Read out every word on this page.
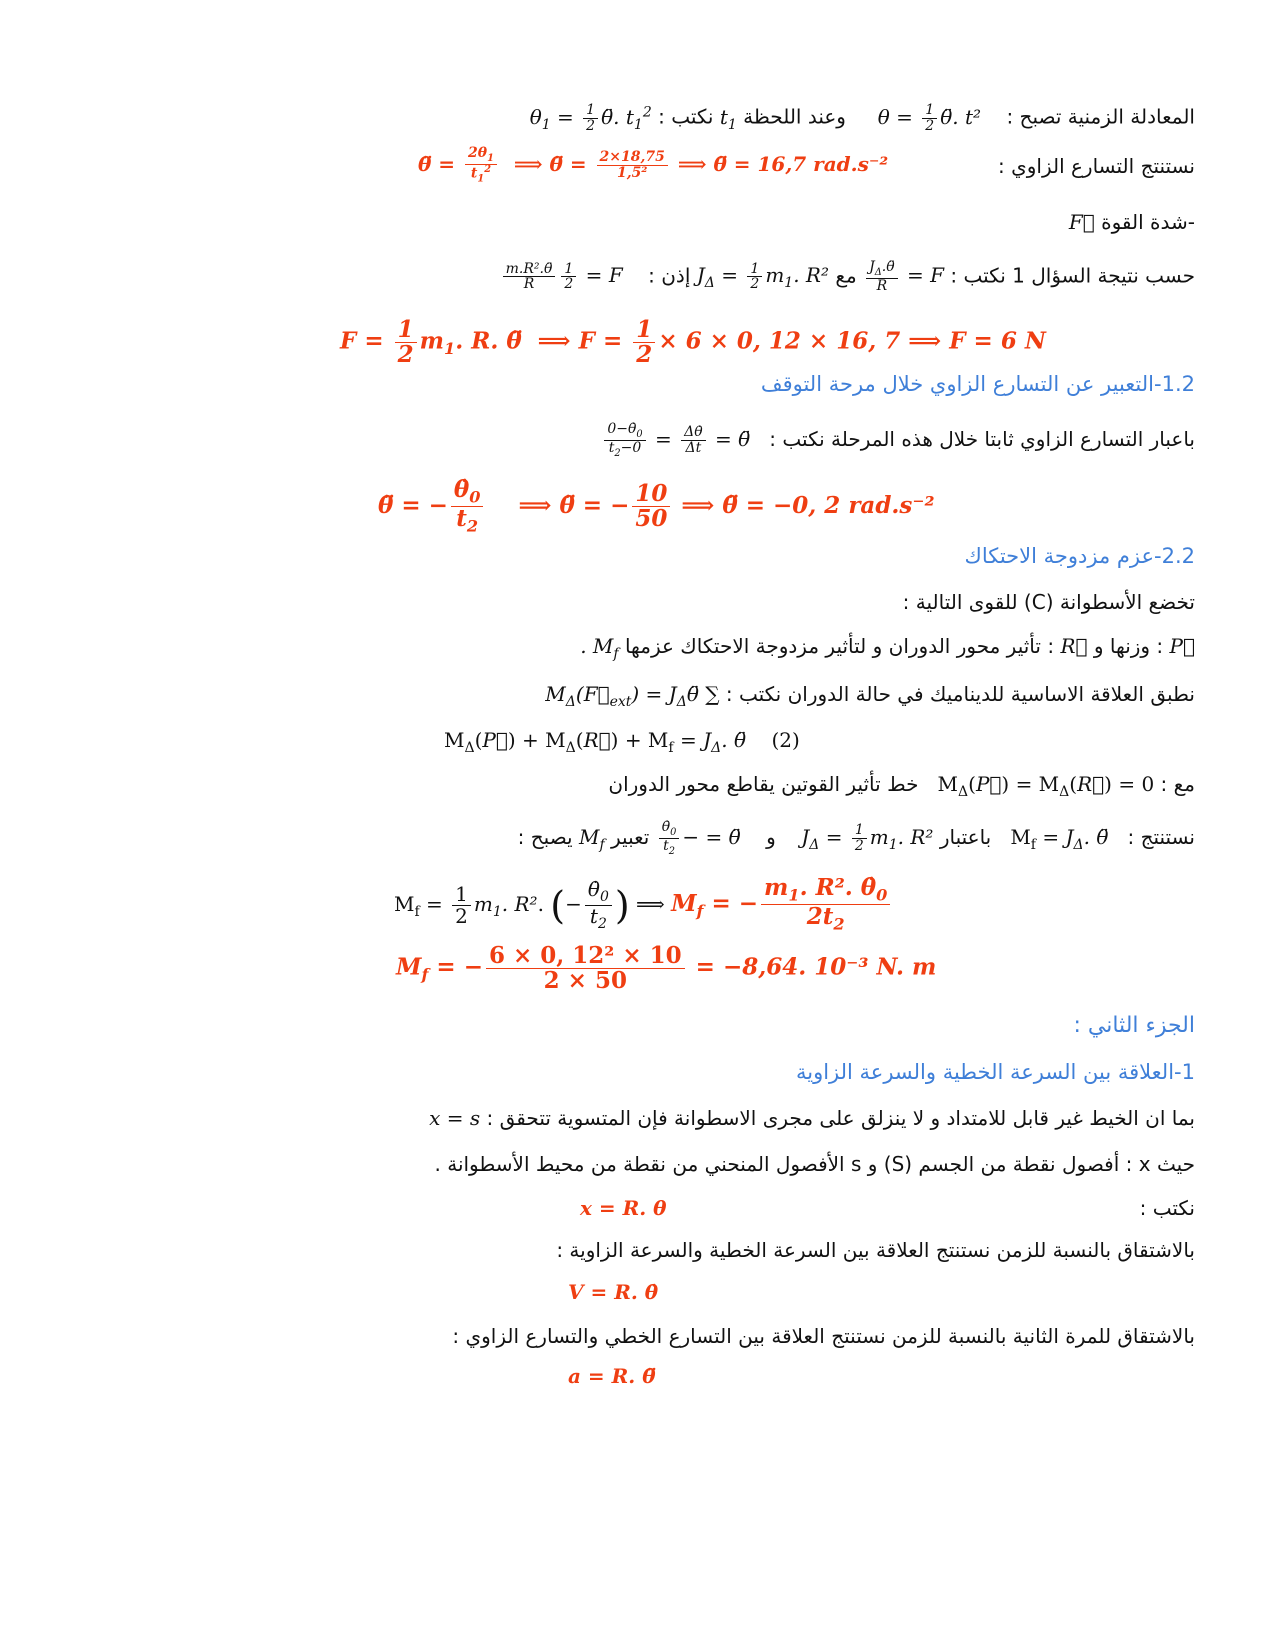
المعادلة الزمنية تصبح :    $\theta = \frac{1}{2}$ θ̈. t²     وعند اللحظة $t_1$ نكتب : $\theta_1 = \frac{1}{2}$ θ̈. $t_1^2$
نستنتج التسارع الزاوي :
θ̈ = $\frac{2\theta_1}{t_1^2}$ ⟹ θ̈ = $\frac{2\times 18,75}{\text{1,5²}}$ ⟹ θ̈ = 16,7 rad.s⁻²
-شدة القوة F⃗
حسب نتيجة السؤال 1 نكتب : F =
$\frac{J_\Delta.\thetä}{R}$
مع $J_\Delta = \frac{1}{2} m_1$. R² إذن :    F =
$\frac{1}{2}$
$\frac{\text{m.R².θ̈}}{R}$
$F = \frac{1}{2} m_1$. R. θ̈  ⟹ $F = \frac{1}{2} \times 6 \times 0$, 12 × 16, 7 ⟹ F = 6 N
1.2-التعبير عن التسارع الزاوي خلال مرحة التوقف
باعبار التسارع الزاوي ثابتا خلال هذه المرحلة نكتب :   θ̈ =
$\frac{\Delta\thetȧ}{\Delta t}$
=
$\frac{0-\thetȧ_0}{t_2-0}$
θ̈ = − $\frac{\thetȧ_0}{t_2}$ ⟹ θ̈ = − $\frac{10}{50}$ ⟹ θ̈ = −0, 2 rad.s⁻²
2.2-عزم مزدوجة الاحتكاك
تخضع الأسطوانة (C) للقوى التالية :
P⃗ : وزنها و R⃗ : تأثير محور الدوران و لتأثير مزدوجة الاحتكاك عزمها $M_f$ .
نطبق العلاقة الاساسية للديناميك في حالة الدوران نكتب : ∑ $M_\Delta(F⃗_{ext})$ = $J_\Delta\thetä$
$M_\Delta(P⃗)$ + $M_\Delta(R⃗) + M_f = J_\Delta$. θ̈ (2)
مع : $M_\Delta(P⃗)$ = $M_\Delta(R⃗) = 0$   خط تأثير القوتين يقاطع محور الدوران
نستنتج :   $M_f = J_\Delta$. θ̈   باعتبار $J_\Delta = \frac{1}{2} m_1$. R²    و    θ̈ = −
$\frac{\thetȧ_0}{t_2}$
تعبير $M_f$ يصبح :
$M_f = \frac{1}{2} m_1$. R². (− $\frac{\thetȧ_0}{t_2}$ ) ⟹ $M_f$ = − $\frac{m_1. R^2. \thetȧ_0}{2t_2}$
$M_f$ = − $\frac{\text{6 × 0, 12² × 10}}{2 \times 50} = -8,64$. 10⁻³ N. m
الجزء الثاني :
1-العلاقة بين السرعة الخطية والسرعة الزاوية
بما ان الخيط غير قابل للامتداد و لا ينزلق على مجرى الاسطوانة فإن المتسوية تتحقق : x = s
حيث x : أفصول نقطة من الجسم (S) و s الأفصول المنحني من نقطة من محيط الأسطوانة .
نكتب :
x = R. θ
بالاشتقاق بالنسبة للزمن نستنتج العلاقة بين السرعة الخطية والسرعة الزاوية :
V = R. θ̇
بالاشتقاق للمرة الثانية بالنسبة للزمن نستنتج العلاقة بين التسارع الخطي والتسارع الزاوي :
a = R. θ̈
